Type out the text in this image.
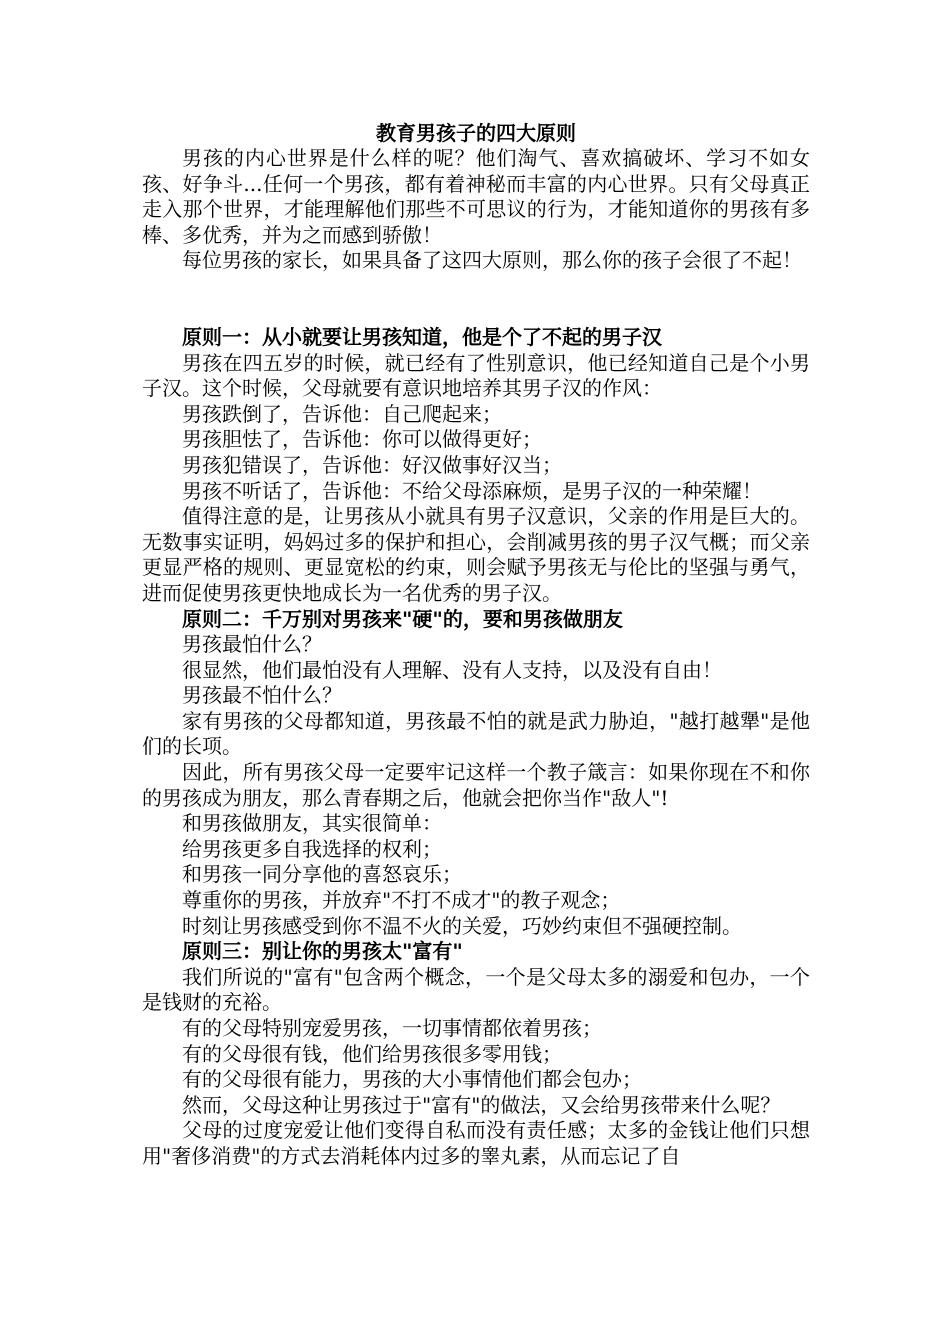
教育男孩子的四大原则

男孩的内心世界是什么样的呢？他们淘气、喜欢搞破坏、学习不如女孩、好争斗...任何一个男孩，都有着神秘而丰富的内心世界。只有父母真正走入那个世界，才能理解他们那些不可思议的行为，才能知道你的男孩有多棒、多优秀，并为之而感到骄傲！

每位男孩的家长，如果具备了这四大原则，那么你的孩子会很了不起！

原则一：从小就要让男孩知道，他是个了不起的男子汉

男孩在四五岁的时候，就已经有了性别意识，他已经知道自己是个小男子汉。这个时候，父母就要有意识地培养其男子汉的作风：

男孩跌倒了，告诉他：自己爬起来；

男孩胆怯了，告诉他：你可以做得更好；

男孩犯错误了，告诉他：好汉做事好汉当；

男孩不听话了，告诉他：不给父母添麻烦，是男子汉的一种荣耀！

值得注意的是，让男孩从小就具有男子汉意识，父亲的作用是巨大的。无数事实证明，妈妈过多的保护和担心，会削减男孩的男子汉气概；而父亲更显严格的规则、更显宽松的约束，则会赋予男孩无与伦比的坚强与勇气，进而促使男孩更快地成长为一名优秀的男子汉。

原则二：千万别对男孩来"硬"的，要和男孩做朋友

男孩最怕什么？

很显然，他们最怕没有人理解、没有人支持，以及没有自由！

男孩最不怕什么？

家有男孩的父母都知道，男孩最不怕的就是武力胁迫，"越打越犟"是他们的长项。

因此，所有男孩父母一定要牢记这样一个教子箴言：如果你现在不和你的男孩成为朋友，那么青春期之后，他就会把你当作"敌人"!

和男孩做朋友，其实很简单：

给男孩更多自我选择的权利；

和男孩一同分享他的喜怒哀乐；

尊重你的男孩，并放弃"不打不成才"的教子观念；

时刻让男孩感受到你不温不火的关爱，巧妙约束但不强硬控制。

原则三：别让你的男孩太"富有"

我们所说的"富有"包含两个概念，一个是父母太多的溺爱和包办，一个是钱财的充裕。

有的父母特别宠爱男孩，一切事情都依着男孩；

有的父母很有钱，他们给男孩很多零用钱；

有的父母很有能力，男孩的大小事情他们都会包办；

然而，父母这种让男孩过于"富有"的做法，又会给男孩带来什么呢？

父母的过度宠爱让他们变得自私而没有责任感；太多的金钱让他们只想用"奢侈消费"的方式去消耗体内过多的睾丸素，从而忘记了自
